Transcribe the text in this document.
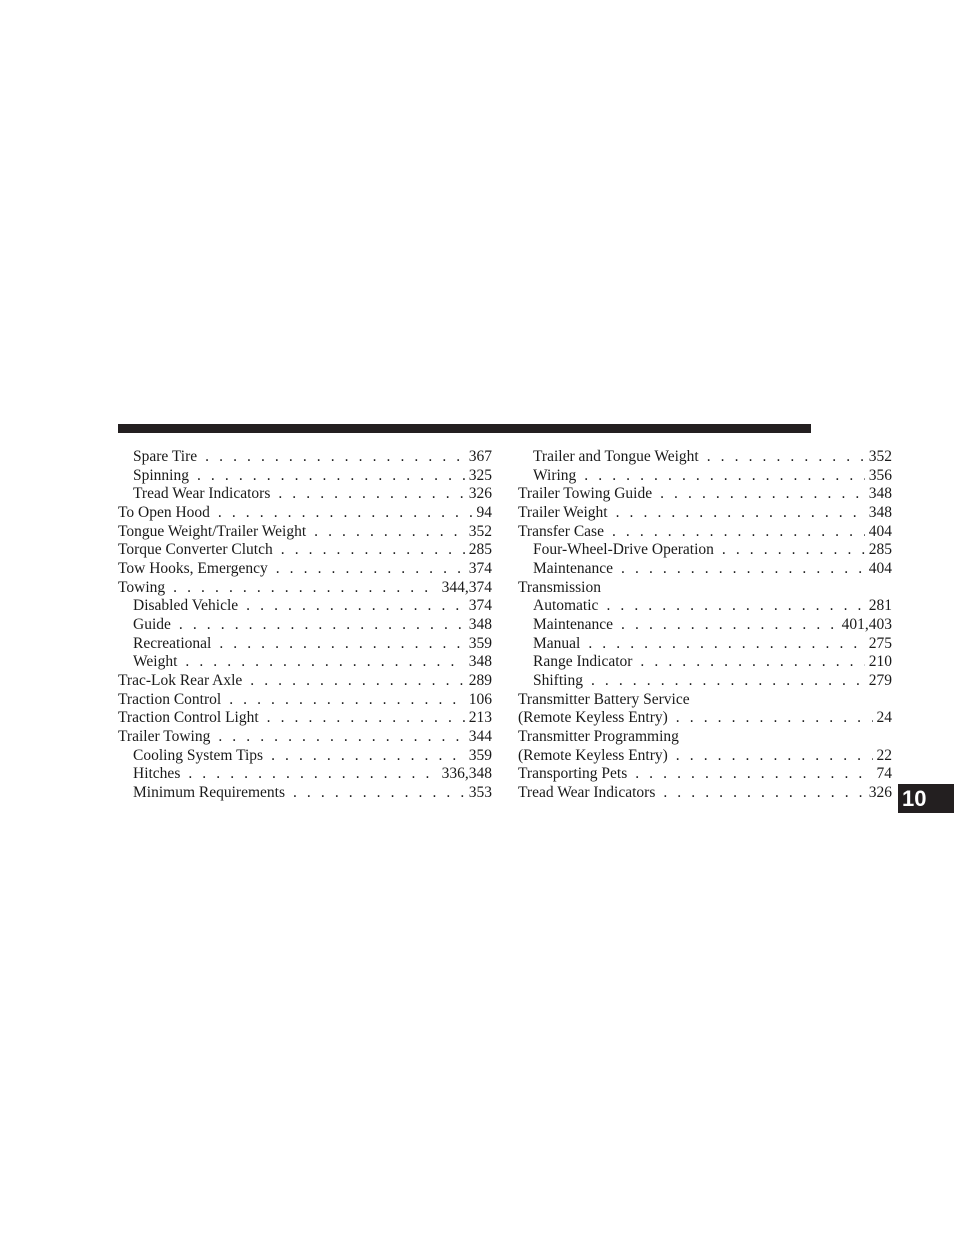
Spare Tire . . .	367
Spinning . . .	325
Tread Wear Indicators . . .	326
To Open Hood . . .	94
Tongue Weight/Trailer Weight . . .	352
Torque Converter Clutch . . .	285
Tow Hooks, Emergency . . .	374
Towing . . .	344,374
Disabled Vehicle . . .	374
Guide . . .	348
Recreational . . .	359
Weight . . .	348
Trac-Lok Rear Axle . . .	289
Traction Control . . .	106
Traction Control Light . . .	213
Trailer Towing . . .	344
Cooling System Tips . . .	359
Hitches . . .	336,348
Minimum Requirements . . .	353
Trailer and Tongue Weight . . .	352
Wiring . . .	356
Trailer Towing Guide . . .	348
Trailer Weight . . .	348
Transfer Case . . .	404
Four-Wheel-Drive Operation . . .	285
Maintenance . . .	404
Transmission
Automatic . . .	281
Maintenance . . .	401,403
Manual . . .	275
Range Indicator . . .	210
Shifting . . .	279
Transmitter Battery Service
(Remote Keyless Entry) . . .	24
Transmitter Programming
(Remote Keyless Entry) . . .	22
Transporting Pets . . .	74
Tread Wear Indicators . . .	326 10
